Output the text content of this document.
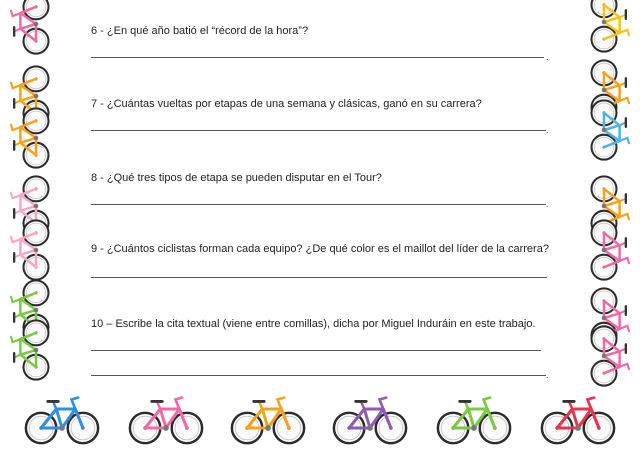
6 - ¿En qué año batió el “récord de la hora”?
.
7 - ¿Cuántas vueltas por etapas de una semana y clásicas, ganó en su carrera?
.
8 - ¿Qué tres tipos de etapa se pueden disputar en el Tour?
.
9 - ¿Cuántos ciclistas forman cada equipo? ¿De qué color es el maillot del líder de la carrera?
10 – Escribe la cita textual (viene entre comillas), dicha por Miguel Induráin en este trabajo.
.
